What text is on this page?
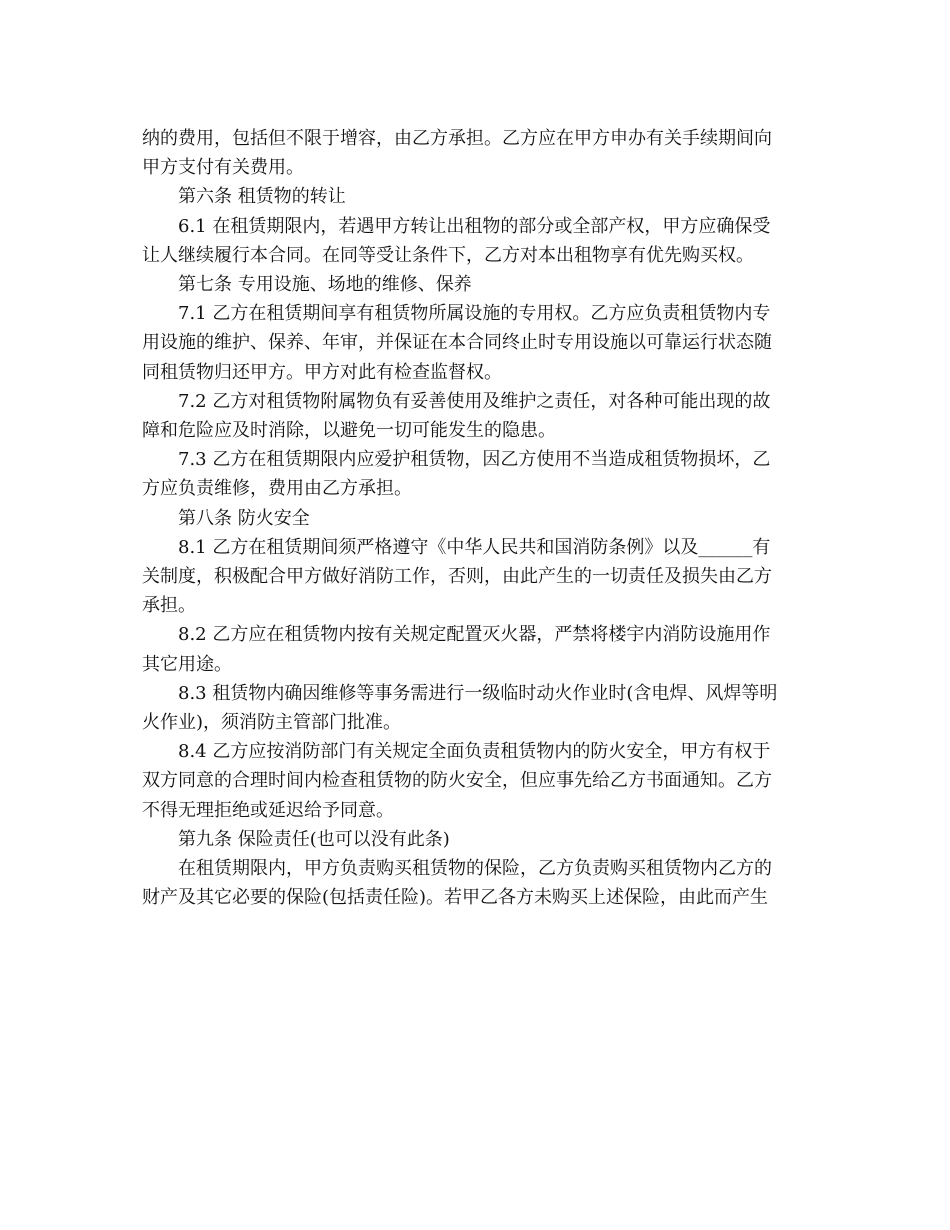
纳的费用，包括但不限于增容，由乙方承担。乙方应在甲方申办有关手续期间向
甲方支付有关费用。

第六条 租赁物的转让

6.1 在租赁期限内，若遇甲方转让出租物的部分或全部产权，甲方应确保受
让人继续履行本合同。在同等受让条件下，乙方对本出租物享有优先购买权。

第七条 专用设施、场地的维修、保养

7.1 乙方在租赁期间享有租赁物所属设施的专用权。乙方应负责租赁物内专
用设施的维护、保养、年审，并保证在本合同终止时专用设施以可靠运行状态随
同租赁物归还甲方。甲方对此有检查监督权。

7.2 乙方对租赁物附属物负有妥善使用及维护之责任，对各种可能出现的故
障和危险应及时消除，以避免一切可能发生的隐患。

7.3 乙方在租赁期限内应爱护租赁物，因乙方使用不当造成租赁物损坏，乙
方应负责维修，费用由乙方承担。

第八条 防火安全

8.1 乙方在租赁期间须严格遵守《中华人民共和国消防条例》以及______有
关制度，积极配合甲方做好消防工作，否则，由此产生的一切责任及损失由乙方
承担。

8.2 乙方应在租赁物内按有关规定配置灭火器，严禁将楼宇内消防设施用作
其它用途。

8.3 租赁物内确因维修等事务需进行一级临时动火作业时(含电焊、风焊等明
火作业)，须消防主管部门批准。

8.4 乙方应按消防部门有关规定全面负责租赁物内的防火安全，甲方有权于
双方同意的合理时间内检查租赁物的防火安全，但应事先给乙方书面通知。乙方
不得无理拒绝或延迟给予同意。

第九条 保险责任(也可以没有此条)

在租赁期限内，甲方负责购买租赁物的保险，乙方负责购买租赁物内乙方的
财产及其它必要的保险(包括责任险)。若甲乙各方未购买上述保险，由此而产生
